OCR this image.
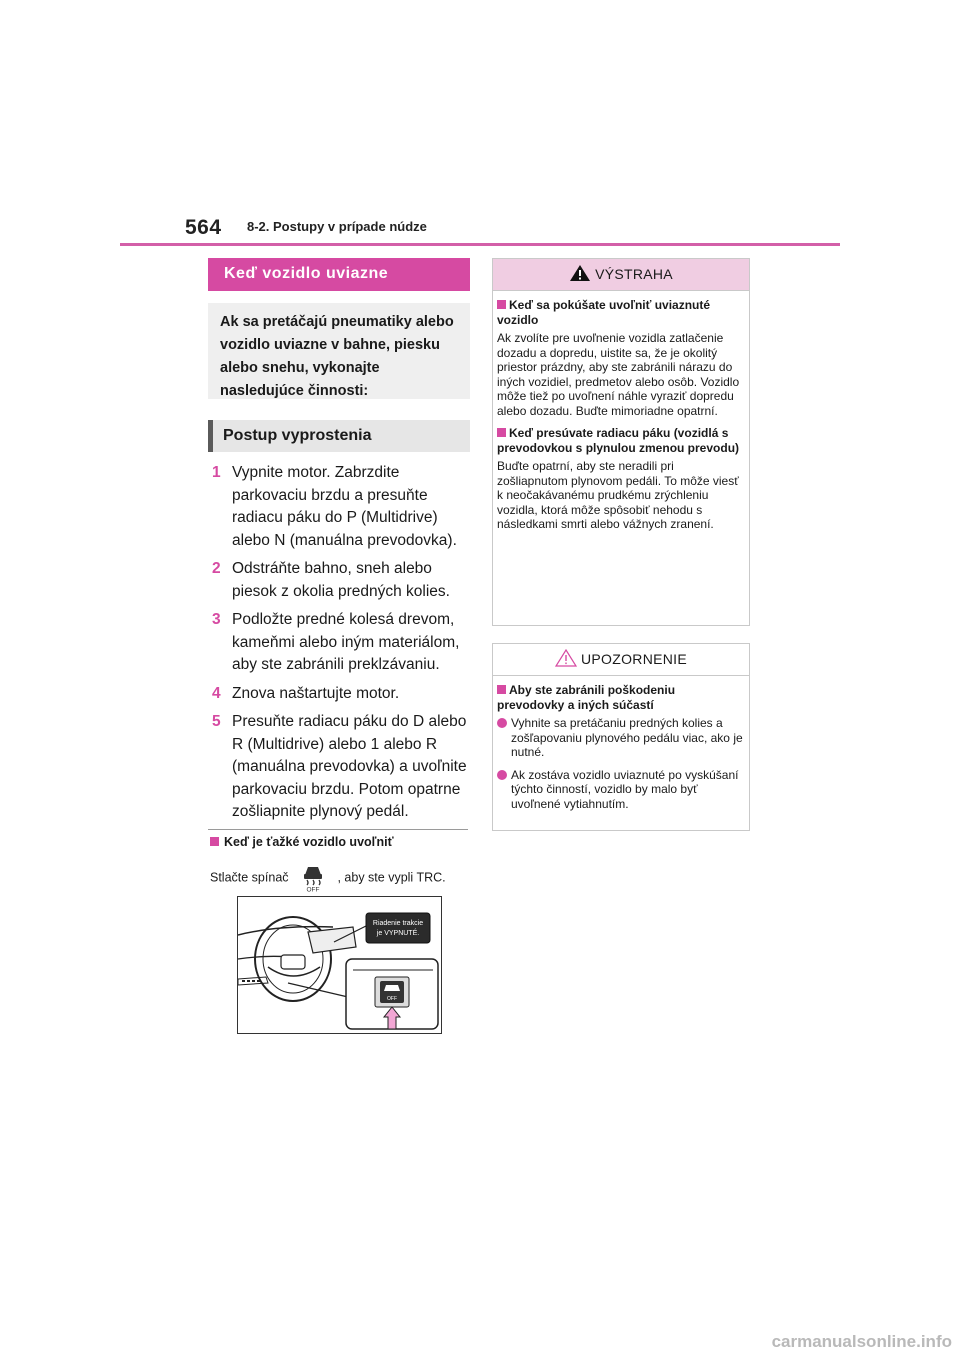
564 8-2. Postupy v prípade núdze
Keď vozidlo uviazne
Ak sa pretáčajú pneumatiky alebo vozidlo uviazne v bahne, piesku alebo snehu, vykonajte nasledujúce činnosti:
Postup vyprostenia
1 Vypnite motor. Zabrzdite parkovaciu brzdu a presuňte radiacu páku do P (Multidrive) alebo N (manuálna prevodovka).
2 Odstráňte bahno, sneh alebo piesok z okolia predných kolies.
3 Podložte predné kolesá drevom, kameňmi alebo iným materiálom, aby ste zabránili preklzávaniu.
4 Znova naštartujte motor.
5 Presuňte radiacu páku do D alebo R (Multidrive) alebo 1 alebo R (manuálna prevodovka) a uvoľnite parkovaciu brzdu. Potom opatrne zošliapnite plynový pedál.
Keď je ťažké vozidlo uvoľniť
Stlačte spínač
OFF
, aby ste vypli TRC.
Riadenie trakcie
je VYPNUTÉ.
OFF
VÝSTRAHA
Keď sa pokúšate uvoľniť uviaznuté vozidlo

Ak zvolíte pre uvoľnenie vozidla zatlačenie dozadu a dopredu, uistite sa, že je okolitý priestor prázdny, aby ste zabránili nárazu do iných vozidiel, predmetov alebo osôb. Vozidlo môže tiež po uvoľnení náhle vyraziť dopredu alebo dozadu. Buďte mimoriadne opatrní.

Keď presúvate radiacu páku (vozidlá s prevodovkou s plynulou zmenou prevodu)

Buďte opatrní, aby ste neradili pri zošliapnutom plynovom pedáli. To môže viesť k neočakávanému prudkému zrýchleniu vozidla, ktorá môže spôsobiť nehodu s následkami smrti alebo vážnych zranení.

UPOZORNENIE
Aby ste zabránili poškodeniu prevodovky a iných súčastí
Vyhnite sa pretáčaniu predných kolies a zošľapovaniu plynového pedálu viac, ako je nutné.
Ak zostáva vozidlo uviaznuté po vyskúšaní týchto činností, vozidlo by malo byť uvoľnené vytiahnutím.
carmanualsonline.info
